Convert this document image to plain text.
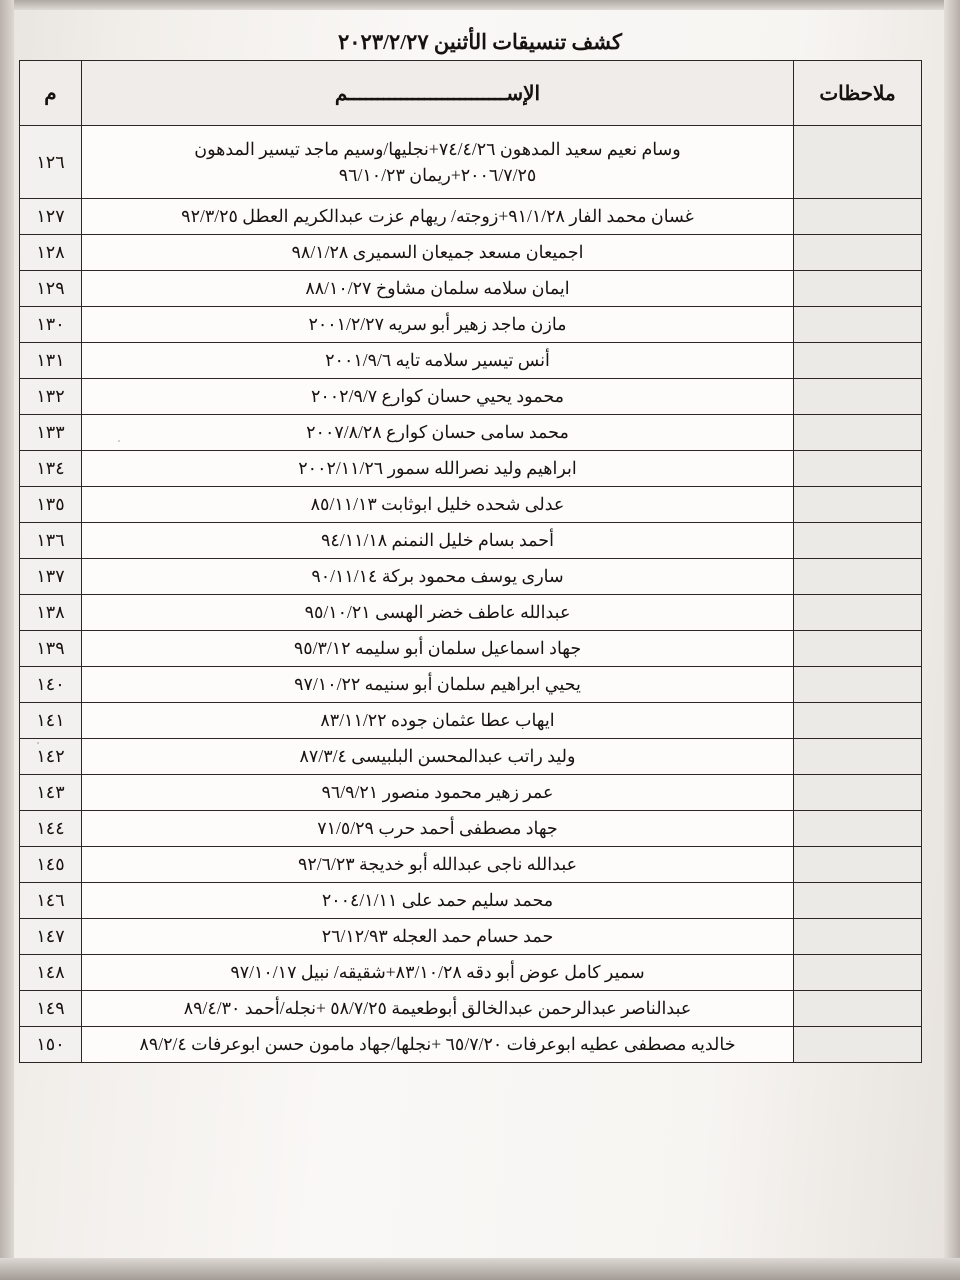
كشف تنسيقات الأثنين ٢٠٢٣/٢/٢٧
ملاحظات	الإســـــــــــــــــــــــــــم	م

	وسام نعيم سعيد المدهون ٧٤/٤/٢٦+نجليها/وسيم ماجد تيسير المدهون
٢٠٠٦/٧/٢٥+ريمان ٩٦/١٠/٢٣	١٢٦

	غسان محمد الفار ٩١/١/٢٨+زوجته/ ريهام عزت عبدالكريم العطل ٩٢/٣/٢٥	١٢٧

	اجميعان مسعد جميعان السميرى ٩٨/١/٢٨	١٢٨

	ايمان سلامه سلمان مشاوخ ٨٨/١٠/٢٧	١٢٩

	مازن ماجد زهير أبو سريه ٢٠٠١/٢/٢٧	١٣٠

	أنس تيسير سلامه تايه ٢٠٠١/٩/٦	١٣١

	محمود يحيي حسان كوارع ٢٠٠٢/٩/٧	١٣٢

	محمد سامى حسان كوارع ٢٠٠٧/٨/٢٨	١٣٣

	ابراهيم وليد نصرالله سمور ٢٠٠٢/١١/٢٦	١٣٤

	عدلى شحده خليل ابوثابت ٨٥/١١/١٣	١٣٥

	أحمد بسام خليل النمنم ٩٤/١١/١٨	١٣٦

	سارى يوسف محمود بركة ٩٠/١١/١٤	١٣٧

	عبدالله عاطف خضر الهسى ٩٥/١٠/٢١	١٣٨

	جهاد اسماعيل سلمان أبو سليمه ٩٥/٣/١٢	١٣٩

	يحيي ابراهيم سلمان أبو سنيمه ٩٧/١٠/٢٢	١٤٠

	ايهاب عطا عثمان جوده ٨٣/١١/٢٢	١٤١

	وليد راتب عبدالمحسن البلبيسى ٨٧/٣/٤	١٤٢

	عمر زهير محمود منصور ٩٦/٩/٢١	١٤٣

	جهاد مصطفى أحمد حرب ٧١/٥/٢٩	١٤٤

	عبدالله ناجى عبدالله أبو خديجة ٩٢/٦/٢٣	١٤٥

	محمد سليم حمد على ٢٠٠٤/١/١١	١٤٦

	حمد حسام حمد العجله ٢٦/١٢/٩٣	١٤٧

	سمير كامل عوض أبو دقه ٨٣/١٠/٢٨+شقيقه/ نبيل ٩٧/١٠/١٧	١٤٨

	عبدالناصر عبدالرحمن عبدالخالق أبوطعيمة ٥٨/٧/٢٥ +نجله/أحمد ٨٩/٤/٣٠	١٤٩

	خالديه مصطفى عطيه ابوعرفات ٦٥/٧/٢٠ +نجلها/جهاد مامون حسن ابوعرفات ٨٩/٢/٤	١٥٠
